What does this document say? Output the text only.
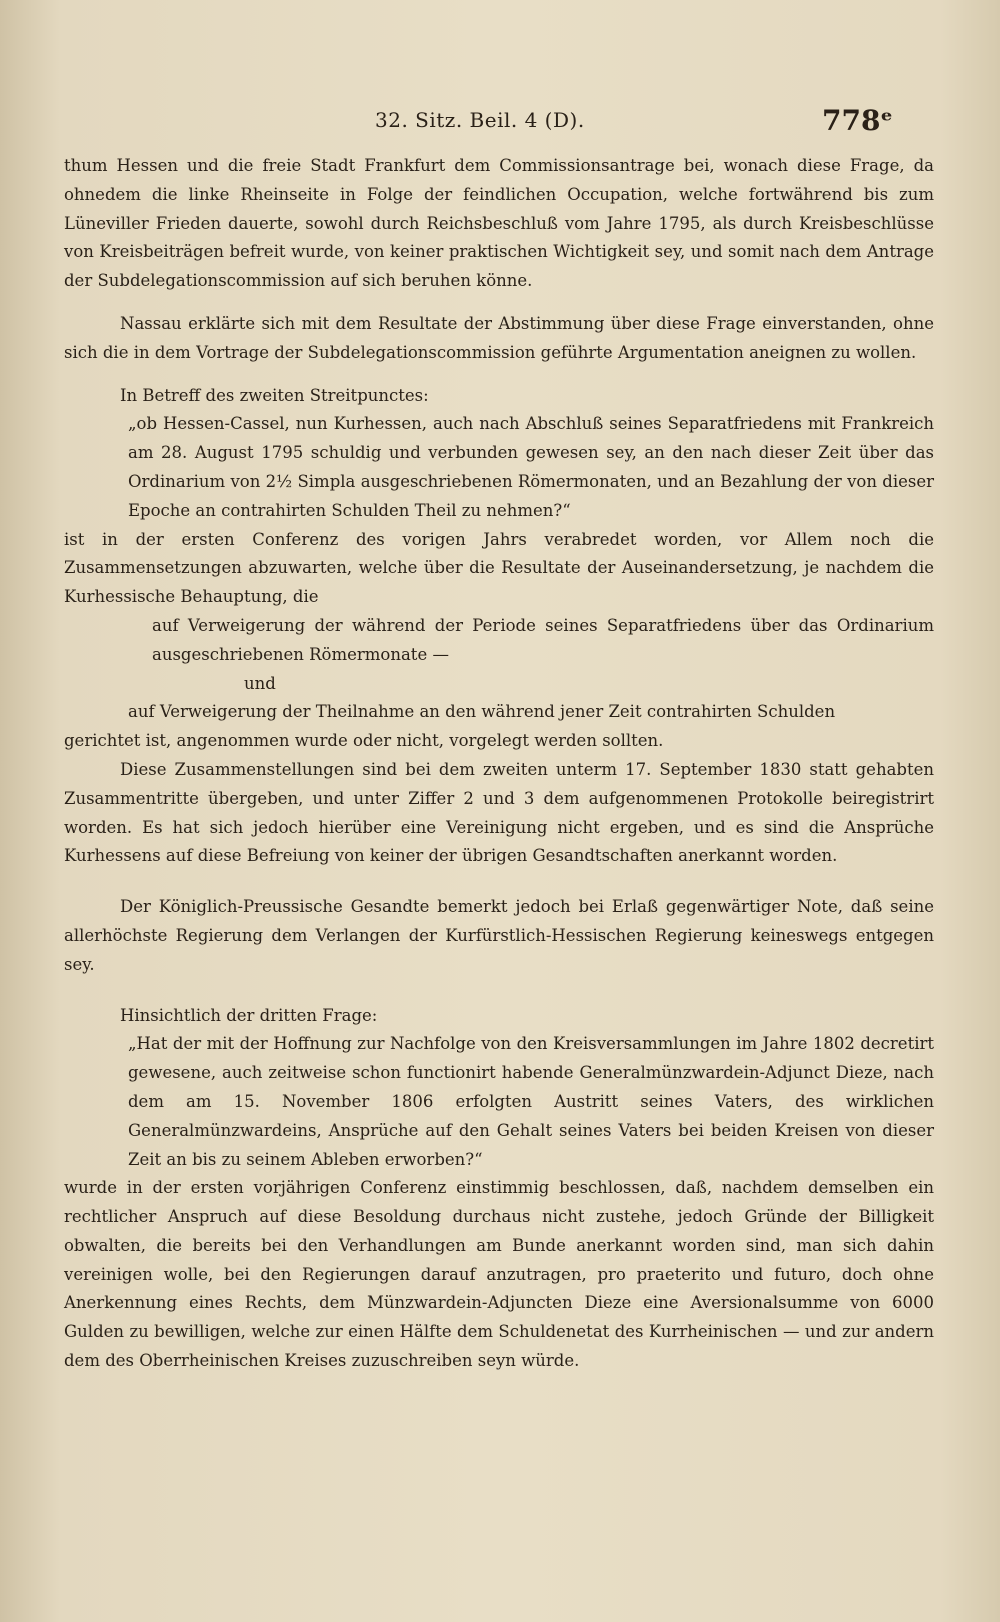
32. Sitz. Beil. 4 (D).	778ᵉ

thum Hessen und die freie Stadt Frankfurt dem Commissionsantrage bei, wonach diese Frage, da ohnedem die linke Rheinseite in Folge der feindlichen Occupation, welche fortwährend bis zum Lüneviller Frieden dauerte, sowohl durch Reichsbeschluß vom Jahre 1795, als durch Kreisbeschlüsse von Kreisbeiträgen befreit wurde, von keiner praktischen Wichtigkeit sey, und somit nach dem Antrage der Subdelegationscommission auf sich beruhen könne.

Nassau erklärte sich mit dem Resultate der Abstimmung über diese Frage einverstanden, ohne sich die in dem Vortrage der Subdelegationscommission geführte Argumentation aneignen zu wollen.

In Betreff des zweiten Streitpunctes:

„ob Hessen-Cassel, nun Kurhessen, auch nach Abschluß seines Separatfriedens mit Frankreich am 28. August 1795 schuldig und verbunden gewesen sey, an den nach dieser Zeit über das Ordinarium von 2½ Simpla ausgeschriebenen Römermonaten, und an Bezahlung der von dieser Epoche an contrahirten Schulden Theil zu nehmen?“

ist in der ersten Conferenz des vorigen Jahrs verabredet worden, vor Allem noch die Zusammensetzungen abzuwarten, welche über die Resultate der Auseinandersetzung, je nachdem die Kurhessische Behauptung, die

auf Verweigerung der während der Periode seines Separatfriedens über das Ordinarium ausgeschriebenen Römermonate —

und

auf Verweigerung der Theilnahme an den während jener Zeit contrahirten Schulden

gerichtet ist, angenommen wurde oder nicht, vorgelegt werden sollten.

Diese Zusammenstellungen sind bei dem zweiten unterm 17. September 1830 statt gehabten Zusammentritte übergeben, und unter Ziffer 2 und 3 dem aufgenommenen Protokolle beiregistrirt worden. Es hat sich jedoch hierüber eine Vereinigung nicht ergeben, und es sind die Ansprüche Kurhessens auf diese Befreiung von keiner der übrigen Gesandtschaften anerkannt worden.

Der Königlich-Preussische Gesandte bemerkt jedoch bei Erlaß gegenwärtiger Note, daß seine allerhöchste Regierung dem Verlangen der Kurfürstlich-Hessischen Regierung keineswegs entgegen sey.

Hinsichtlich der dritten Frage:

„Hat der mit der Hoffnung zur Nachfolge von den Kreisversammlungen im Jahre 1802 decretirt gewesene, auch zeitweise schon functionirt habende Generalmünzwardein-Adjunct Dieze, nach dem am 15. November 1806 erfolgten Austritt seines Vaters, des wirklichen Generalmünzwardeins, Ansprüche auf den Gehalt seines Vaters bei beiden Kreisen von dieser Zeit an bis zu seinem Ableben erworben?“

wurde in der ersten vorjährigen Conferenz einstimmig beschlossen, daß, nachdem demselben ein rechtlicher Anspruch auf diese Besoldung durchaus nicht zustehe, jedoch Gründe der Billigkeit obwalten, die bereits bei den Verhandlungen am Bunde anerkannt worden sind, man sich dahin vereinigen wolle, bei den Regierungen darauf anzutragen, pro praeterito und futuro, doch ohne Anerkennung eines Rechts, dem Münzwardein-Adjuncten Dieze eine Aversionalsumme von 6000 Gulden zu bewilligen, welche zur einen Hälfte dem Schuldenetat des Kurrheinischen — und zur andern dem des Oberrheinischen Kreises zuzuschreiben seyn würde.
